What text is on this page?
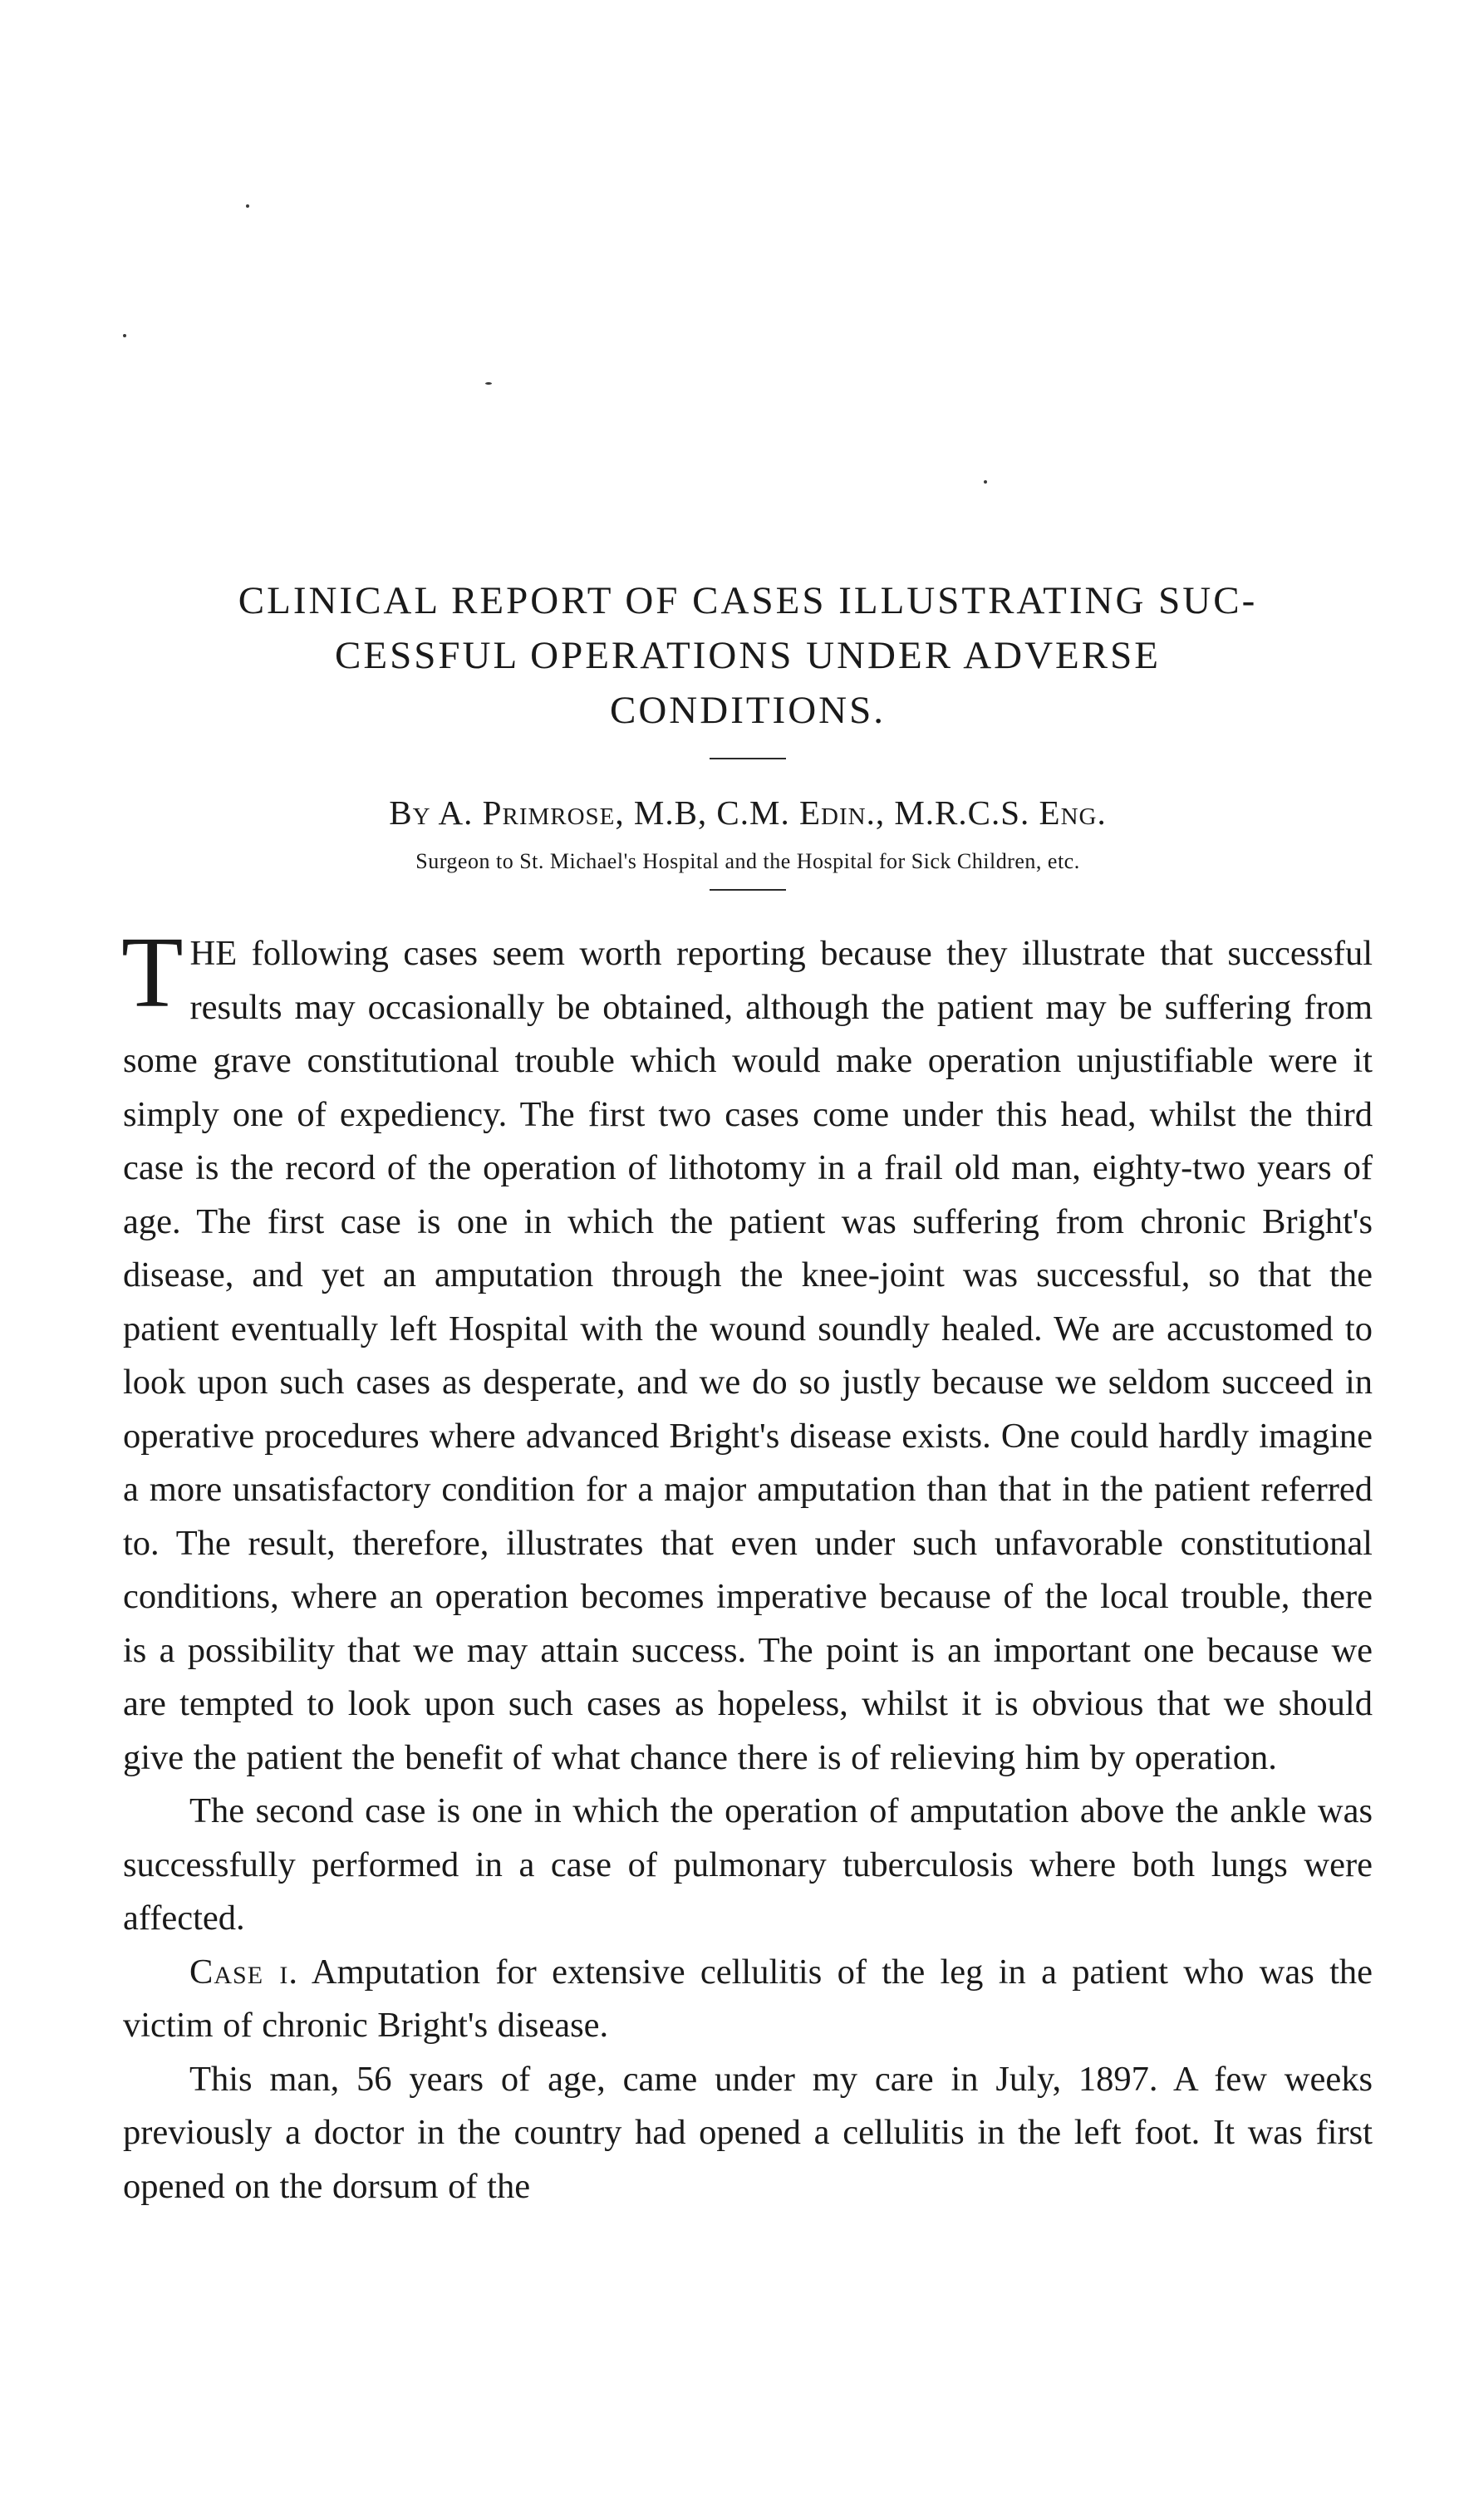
CLINICAL REPORT OF CASES ILLUSTRATING SUC-
CESSFUL OPERATIONS UNDER ADVERSE
CONDITIONS.
By A. Primrose, M.B, C.M. Edin., M.R.C.S. Eng.
Surgeon to St. Michael's Hospital and the Hospital for Sick Children, etc.

THE following cases seem worth reporting because they illustrate that successful results may occasionally be obtained, although the patient may be suffering from some grave constitutional trouble which would make operation unjustifiable were it simply one of expediency. The first two cases come under this head, whilst the third case is the record of the operation of lithotomy in a frail old man, eighty-two years of age. The first case is one in which the patient was suffering from chronic Bright's disease, and yet an amputation through the knee-joint was successful, so that the patient eventually left Hospital with the wound soundly healed. We are accustomed to look upon such cases as desperate, and we do so justly because we seldom succeed in operative procedures where advanced Bright's disease exists. One could hardly imagine a more unsatisfactory condition for a major amputation than that in the patient referred to. The result, therefore, illustrates that even under such unfavorable constitutional conditions, where an operation becomes imperative because of the local trouble, there is a possibility that we may attain success. The point is an important one because we are tempted to look upon such cases as hopeless, whilst it is obvious that we should give the patient the benefit of what chance there is of relieving him by operation.

The second case is one in which the operation of amputation above the ankle was successfully performed in a case of pulmonary tuberculosis where both lungs were affected.

Case i. Amputation for extensive cellulitis of the leg in a patient who was the victim of chronic Bright's disease.

This man, 56 years of age, came under my care in July, 1897. A few weeks previously a doctor in the country had opened a cellulitis in the left foot. It was first opened on the dorsum of the
